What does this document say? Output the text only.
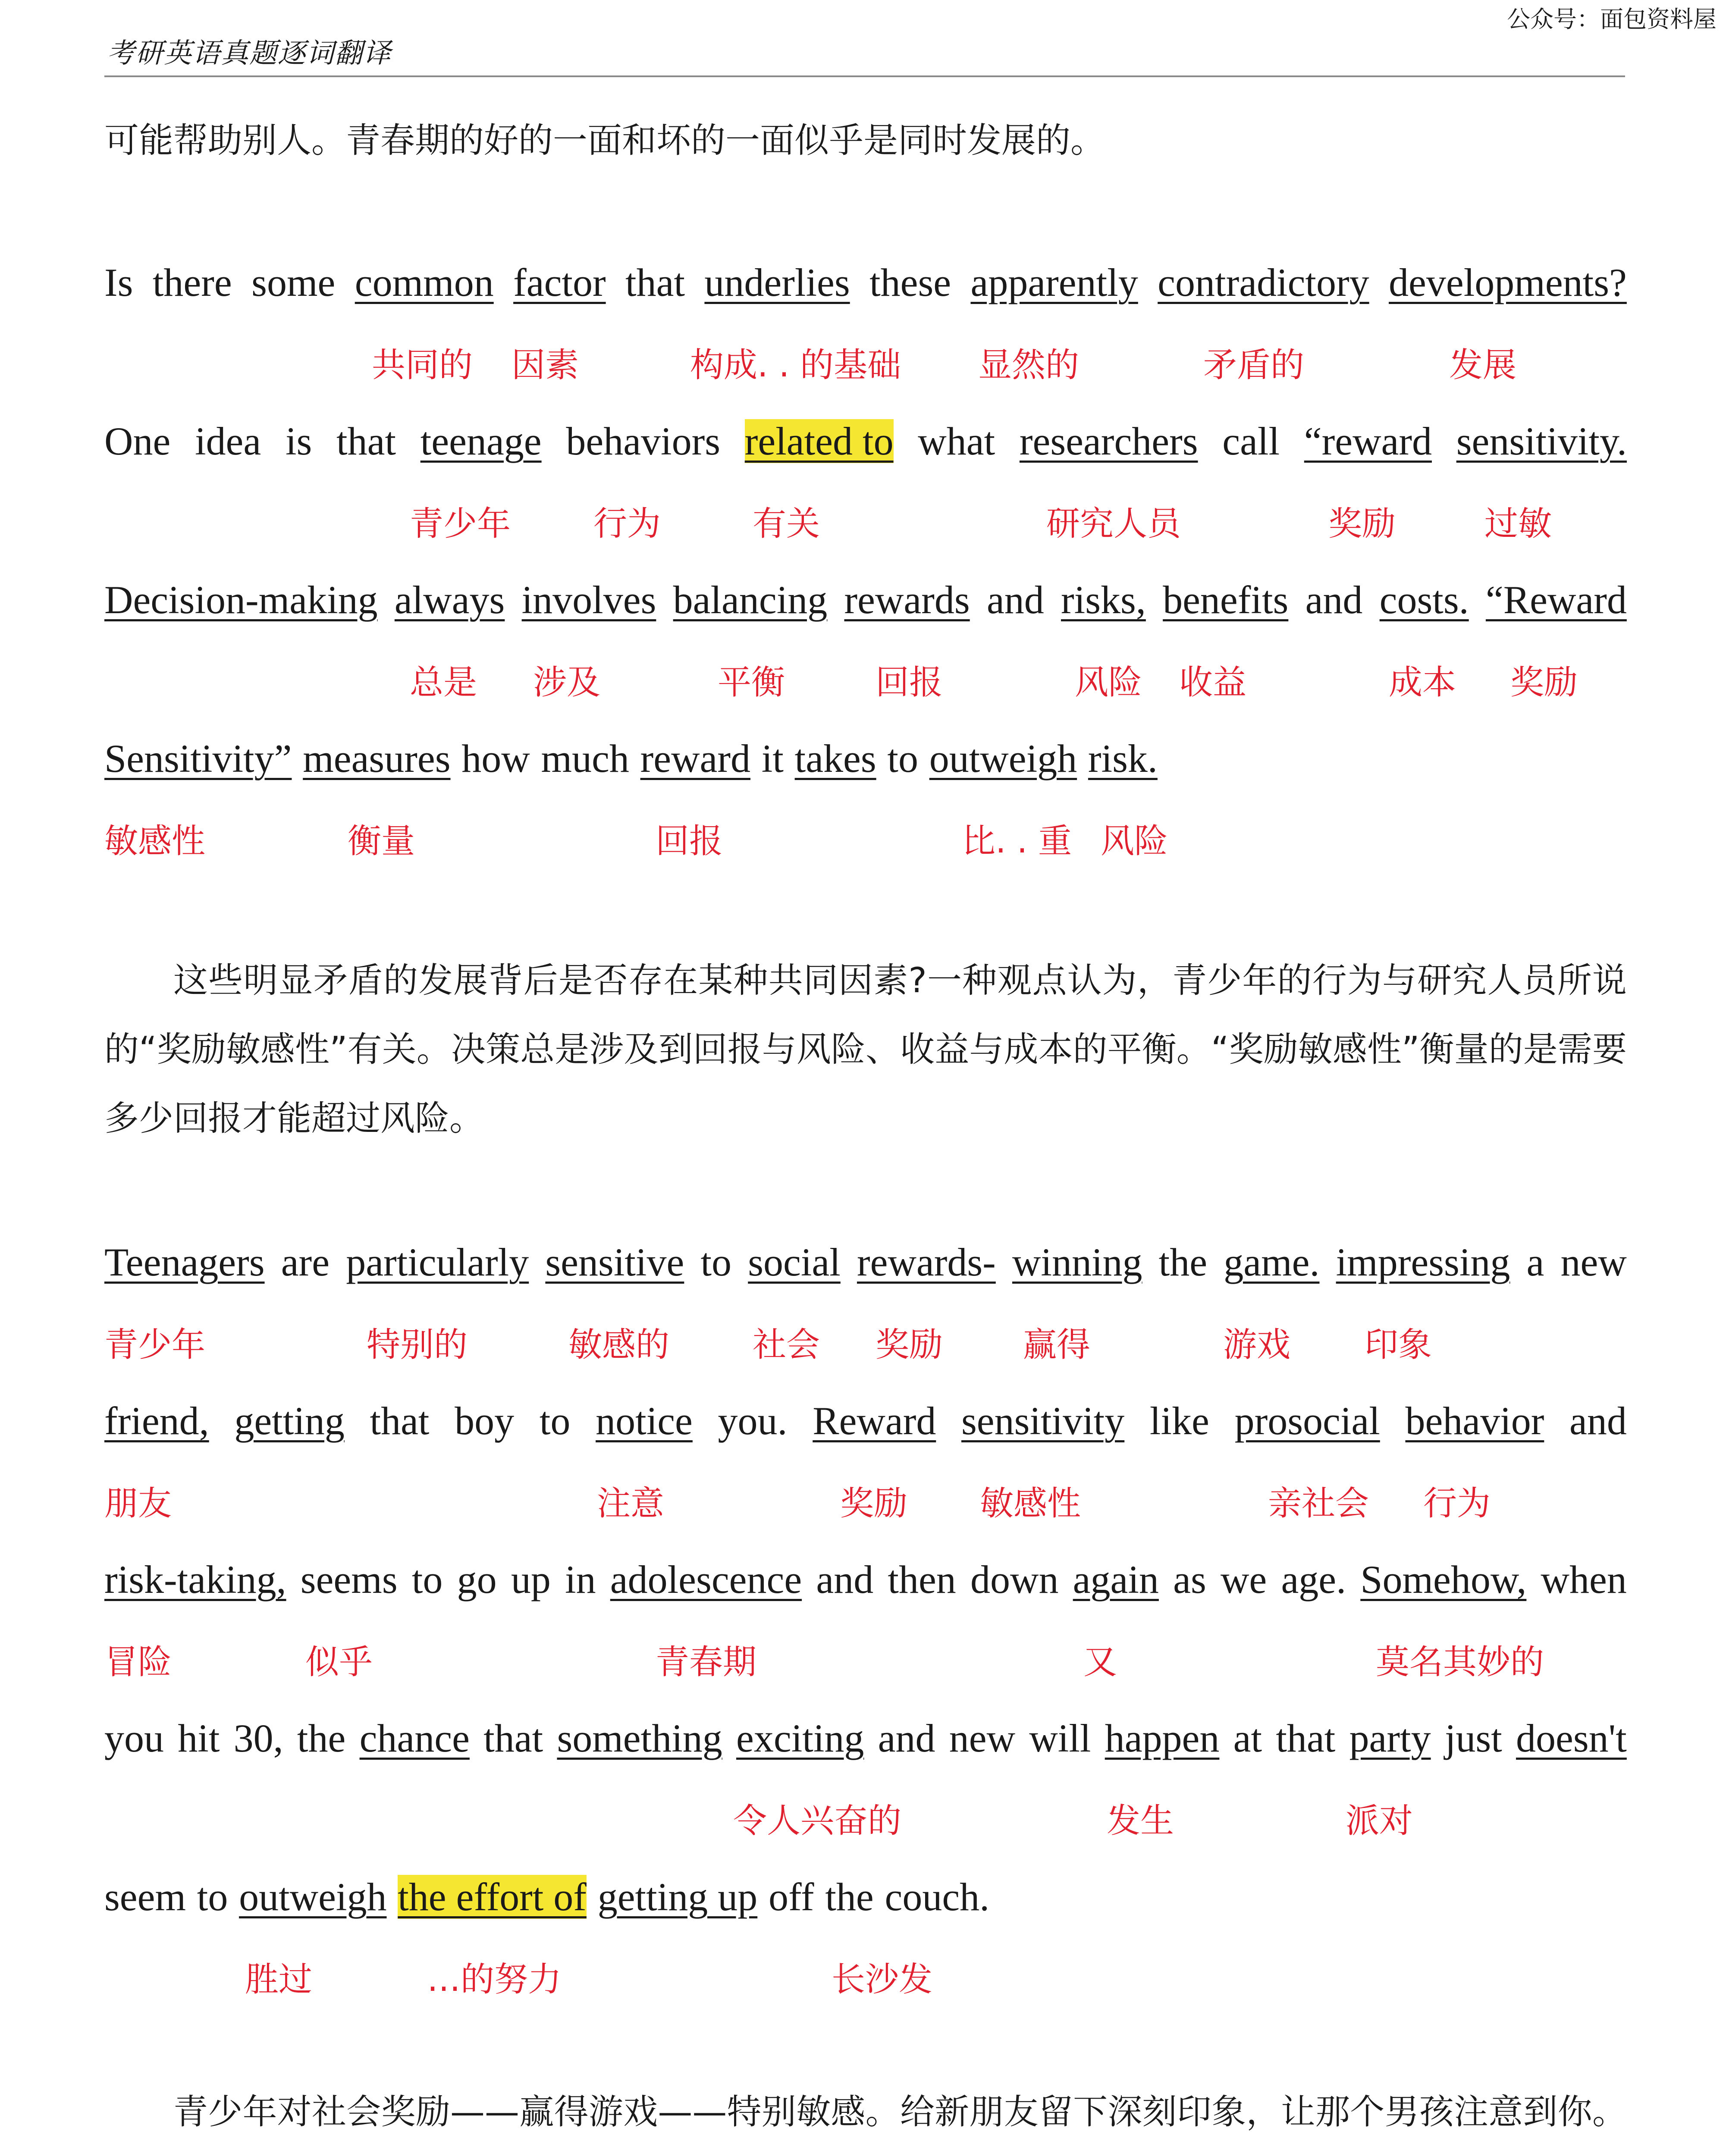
公众号：面包资料屋
考研英语真题逐词翻译

可能帮助别人。青春期的好的一面和坏的一面似乎是同时发展的。

Is there some common factor that underlies these apparently contradictory developments?
共同的 因素	构成. . 的基础 显然的	矛盾的	发展
One idea is that teenage behaviors related to what researchers call “reward sensitivity.
青少年 行为	有关	研究人员	奖励	过敏
Decision-making always involves balancing rewards and risks, benefits and costs. “Reward
总是 涉及	平衡	回报	风险 收益	成本 奖励
Sensitivity” measures how much reward it takes to outweigh risk.
敏感性	衡量	回报	比. . 重 风险

这些明显矛盾的发展背后是否存在某种共同因素?一种观点认为，青少年的行为与研究人员所说的“奖励敏感性”有关。决策总是涉及到回报与风险、收益与成本的平衡。“奖励敏感性”衡量的是需要多少回报才能超过风险。

Teenagers are particularly sensitive to social rewards- winning the game. impressing a new
青少年	特别的	敏感的 社会 奖励 赢得	游戏 印象
friend, getting that boy to notice you. Reward sensitivity like prosocial behavior and
朋友	注意	奖励 敏感性	亲社会 行为
risk-taking, seems to go up in adolescence and then down again as we age. Somehow, when
冒险	似乎	青春期	又	莫名其妙的
you hit 30, the chance that something exciting and new will happen at that party just doesn't
令人兴奋的	发生	派对
seem to outweigh the effort of getting up off the couch.
胜过	…的努力	长沙发

青少年对社会奖励——赢得游戏——特别敏感。给新朋友留下深刻印象，让那个男孩注意到你。
